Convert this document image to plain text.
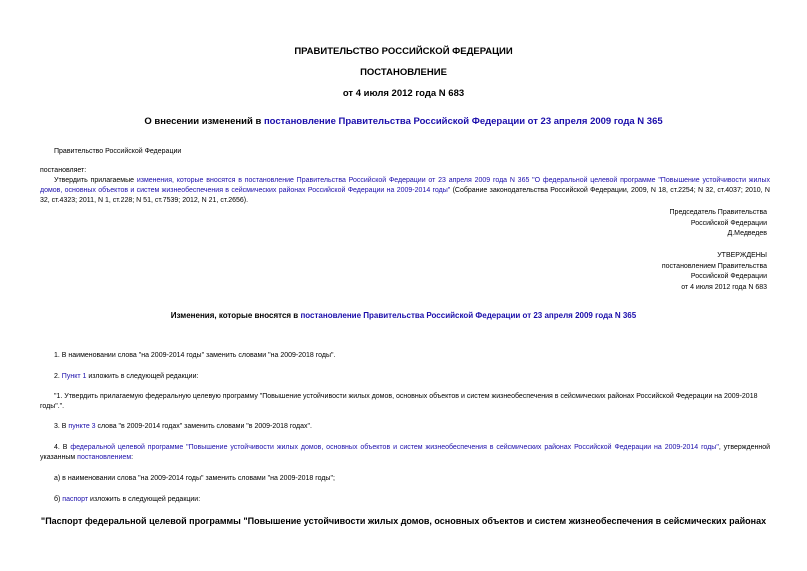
ПРАВИТЕЛЬСТВО РОССИЙСКОЙ ФЕДЕРАЦИИ
ПОСТАНОВЛЕНИЕ
от 4 июля 2012 года N 683
О внесении изменений в постановление Правительства Российской Федерации от 23 апреля 2009 года N 365
Правительство Российской Федерации
постановляет:
Утвердить прилагаемые изменения, которые вносятся в постановление Правительства Российской Федерации от 23 апреля 2009 года N 365 "О федеральной целевой программе "Повышение устойчивости жилых домов, основных объектов и систем жизнеобеспечения в сейсмических районах Российской Федерации на 2009-2014 годы" (Собрание законодательства Российской Федерации, 2009, N 18, ст.2254; N 32, ст.4037; 2010, N 32, ст.4323; 2011, N 1, ст.228; N 51, ст.7539; 2012, N 21, ст.2656).
Председатель Правительства
Российской Федерации
Д.Медведев
УТВЕРЖДЕНЫ
постановлением Правительства
Российской Федерации
от 4 июля 2012 года N 683
Изменения, которые вносятся в постановление Правительства Российской Федерации от 23 апреля 2009 года N 365
1. В наименовании слова "на 2009-2014 годы" заменить словами "на 2009-2018 годы".
2. Пункт 1 изложить в следующей редакции:
"1. Утвердить прилагаемую федеральную целевую программу "Повышение устойчивости жилых домов, основных объектов и систем жизнеобеспечения в сейсмических районах Российской Федерации на 2009-2018 годы".".
3. В пункте 3 слова "в 2009-2014 годах" заменить словами "в 2009-2018 годах".
4. В федеральной целевой программе "Повышение устойчивости жилых домов, основных объектов и систем жизнеобеспечения в сейсмических районах Российской Федерации на 2009-2014 годы", утвержденной указанным постановлением:
а) в наименовании слова "на 2009-2014 годы" заменить словами "на 2009-2018 годы";
б) паспорт изложить в следующей редакции:
"Паспорт федеральной целевой программы "Повышение устойчивости жилых домов, основных объектов и систем жизнеобеспечения в сейсмических районах
